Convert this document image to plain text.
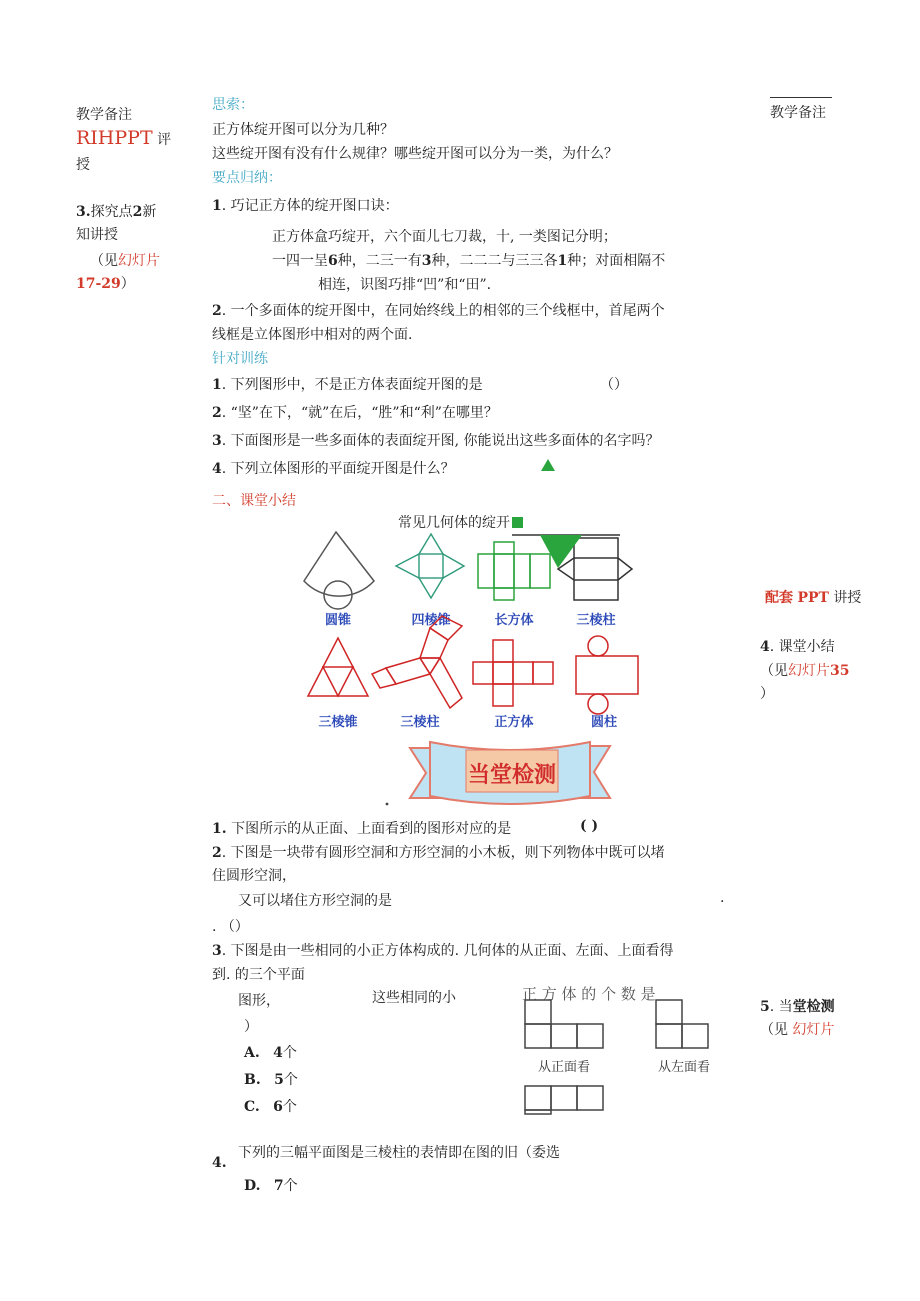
教学备注
RIHPPT 评
授
3.探究点2新
知讲授
（见幻灯片
17-29）
教学备注
配套 PPT 讲授
4. 课堂小结
（见幻灯片35
）
5. 当堂检测
（见 幻灯片
思索：
正方体绽开图可以分为几种？
这些绽开图有没有什么规律？哪些绽开图可以分为一类，为什么？
要点归纳：
1. 巧记正方体的绽开图口诀：
正方体盒巧绽开，六个面儿七刀裁，十, 一类图记分明；
一四一呈6种，二三一有3种，二二二与三三各1种；对面相隔不
相连，识图巧排“凹”和“田”.
2. 一个多面体的绽开图中，在同始终线上的相邻的三个线框中，首尾两个
线框是立体图形中相对的两个面.
针对训练
1. 下列图形中，不是正方体表面绽开图的是	（）
2. “坚”在下，“就”在后，“胜”和“利”在哪里？
3. 下面图形是一些多面体的表面绽开图, 你能说出这些多面体的名字吗？
4. 下列立体图形的平面绽开图是什么？
二、课堂小结
常见几何体的绽开
圆锥	四棱锥	长方体	三棱柱
三棱锥	三棱柱	正方体	圆柱
当堂检测
1. 下图所示的从正面、上面看到的图形对应的是	( )
2. 下图是一块带有圆形空洞和方形空洞的小木板，则下列物体中既可以堵
住圆形空洞，
又可以堵住方形空洞的是	.
. （）
3. 下图是由一些相同的小正方体构成的. 几何体的从正面、左面、上面看得
到. 的三个平面
图形，	这些相同的小	正 方 体 的 个 数 是
）
A. 4个
B. 5个
C. 6个
从正面看	从左面看
下列的三幅平面图是三棱柱的表情即在图的旧（委选
4.
D. 7个
